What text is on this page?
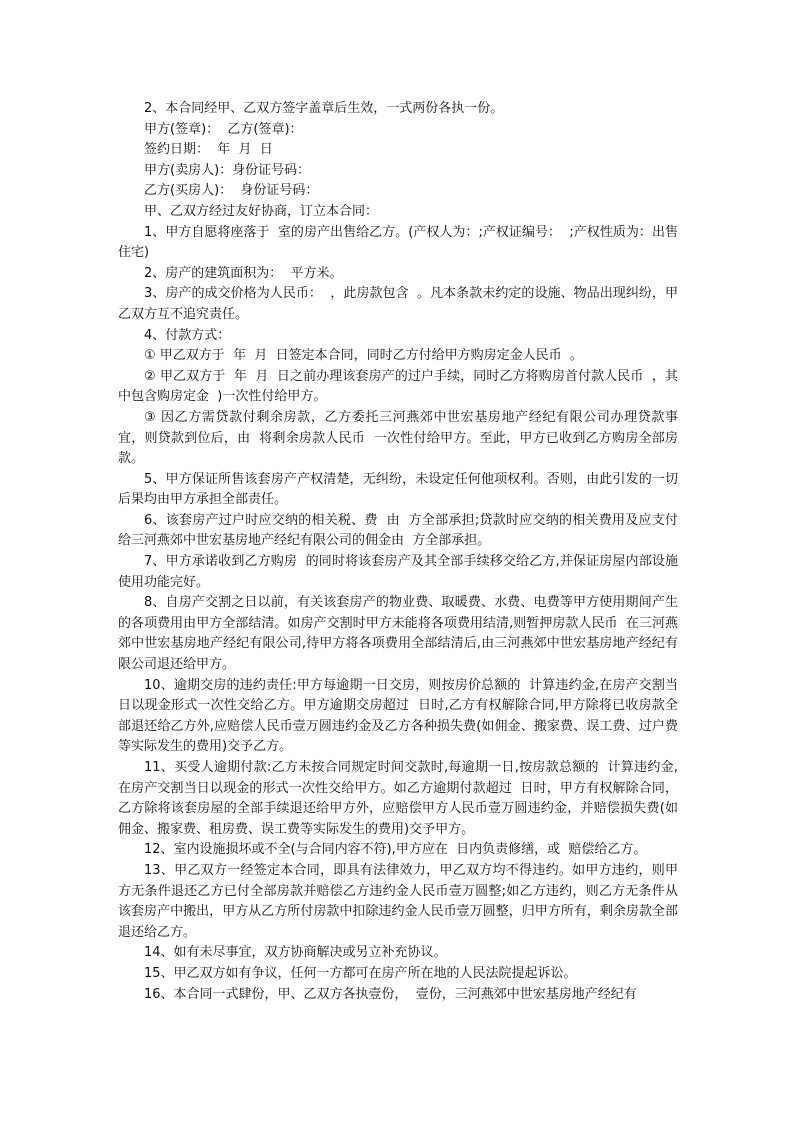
2、本合同经甲、乙双方签字盖章后生效，一式两份各执一份。

甲方(签章)：  乙方(签章)：

签约日期：  年  月  日

甲方(卖房人)：身份证号码：

乙方(买房人)：  身份证号码：

甲、乙双方经过友好协商，订立本合同：

1、甲方自愿将座落于  室的房产出售给乙方。(产权人为：;产权证编号：  ;产权性质为：出售住宅)

2、房产的建筑面积为：  平方米。

3、房产的成交价格为人民币：  ，此房款包含  。凡本条款未约定的设施、物品出现纠纷，甲乙双方互不追究责任。

4、付款方式：

① 甲乙双方于  年  月  日签定本合同，同时乙方付给甲方购房定金人民币  。

② 甲乙双方于  年  月  日之前办理该套房产的过户手续，同时乙方将购房首付款人民币  ，其中包含购房定金  )一次性付给甲方。

③ 因乙方需贷款付剩余房款，乙方委托三河燕郊中世宏基房地产经纪有限公司办理贷款事宜，则贷款到位后，由  将剩余房款人民币  一次性付给甲方。至此，甲方已收到乙方购房全部房款。

5、甲方保证所售该套房产产权清楚，无纠纷，未设定任何他项权利。否则，由此引发的一切后果均由甲方承担全部责任。

6、该套房产过户时应交纳的相关税、费  由  方全部承担;贷款时应交纳的相关费用及应支付给三河燕郊中世宏基房地产经纪有限公司的佣金由  方全部承担。

7、甲方承诺收到乙方购房  的同时将该套房产及其全部手续移交给乙方,并保证房屋内部设施使用功能完好。

8、自房产交割之日以前，有关该套房产的物业费、取暖费、水费、电费等甲方使用期间产生的各项费用由甲方全部结清。如房产交割时甲方未能将各项费用结清,则暂押房款人民币  在三河燕郊中世宏基房地产经纪有限公司,待甲方将各项费用全部结清后,由三河燕郊中世宏基房地产经纪有限公司退还给甲方。

10、逾期交房的违约责任:甲方每逾期一日交房，则按房价总额的  计算违约金,在房产交割当日以现金形式一次性交给乙方。甲方逾期交房超过  日时,乙方有权解除合同,甲方除将已收房款全部退还给乙方外,应赔偿人民币壹万圆违约金及乙方各种损失费(如佣金、搬家费、误工费、过户费等实际发生的费用)交予乙方。

11、买受人逾期付款:乙方未按合同规定时间交款时,每逾期一日,按房款总额的  计算违约金,在房产交割当日以现金的形式一次性交给甲方。如乙方逾期付款超过  日时，甲方有权解除合同，乙方除将该套房屋的全部手续退还给甲方外，应赔偿甲方人民币壹万圆违约金，并赔偿损失费(如佣金、搬家费、租房费、误工费等实际发生的费用)交予甲方。

12、室内设施损坏或不全(与合同内容不符),甲方应在  日内负责修缮，或  赔偿给乙方。

13、甲乙双方一经签定本合同，即具有法律效力，甲乙双方均不得违约。如甲方违约，则甲方无条件退还乙方已付全部房款并赔偿乙方违约金人民币壹万圆整;如乙方违约，则乙方无条件从该套房产中搬出，甲方从乙方所付房款中扣除违约金人民币壹万圆整，归甲方所有，剩余房款全部退还给乙方。

14、如有未尽事宜，双方协商解决或另立补充协议。

15、甲乙双方如有争议，任何一方都可在房产所在地的人民法院提起诉讼。

16、本合同一式肆份，甲、乙双方各执壹份，  壹份，三河燕郊中世宏基房地产经纪有
